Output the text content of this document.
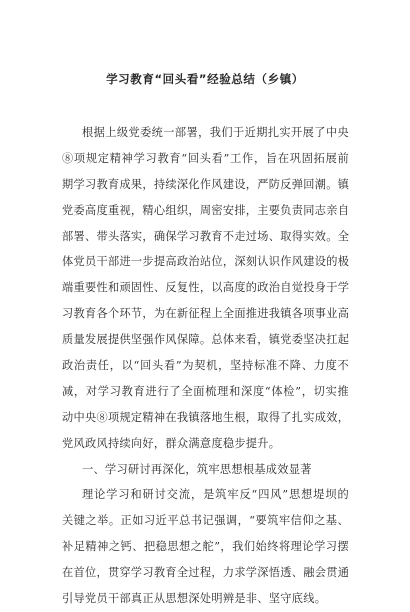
学习教育“回头看”经验总结（乡镇）
根据上级党委统一部署，我们于近期扎实开展了中央
⑧项规定精神学习教育“回头看”工作，旨在巩固拓展前
期学习教育成果，持续深化作风建设，严防反弹回潮。镇
党委高度重视，精心组织，周密安排，主要负责同志亲自
部署、带头落实，确保学习教育不走过场、取得实效。全
体党员干部进一步提高政治站位，深刻认识作风建设的极
端重要性和顽固性、反复性，以高度的政治自觉投身于学
习教育各个环节，为在新征程上全面推进我镇各项事业高
质量发展提供坚强作风保障。总体来看，镇党委坚决扛起
政治责任，以“回头看”为契机，坚持标准不降、力度不
减，对学习教育进行了全面梳理和深度“体检”，切实推
动中央⑧项规定精神在我镇落地生根，取得了扎实成效，
党风政风持续向好，群众满意度稳步提升。
一、学习研讨再深化，筑牢思想根基成效显著
理论学习和研讨交流，是筑牢反“四风”思想堤坝的
关键之举。正如习近平总书记强调，“要筑牢信仰之基、
补足精神之钙、把稳思想之舵”，我们始终将理论学习摆
在首位，贯穿学习教育全过程，力求学深悟透、融会贯通
引导党员干部真正从思想深处明辨是非、坚守底线。
